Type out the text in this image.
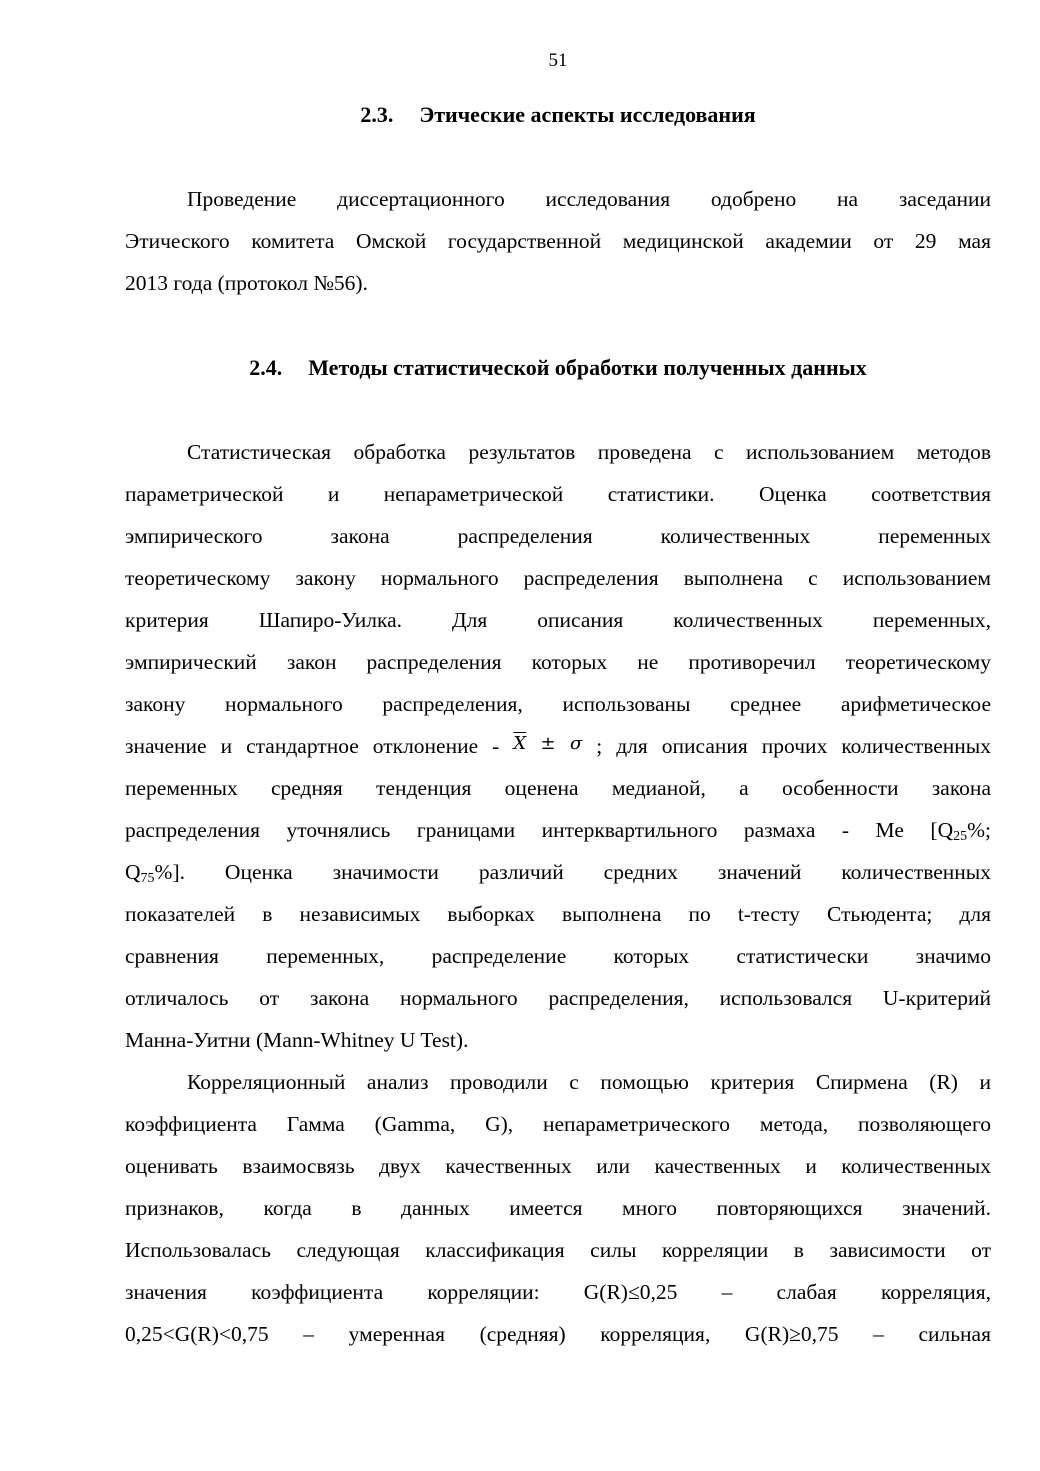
51
2.3. Этические аспекты исследования
Проведение диссертационного исследования одобрено на заседании
Этического комитета Омской государственной медицинской академии от 29 мая
2013 года (протокол №56).
2.4. Методы статистической обработки полученных данных
Статистическая обработка результатов проведена с использованием методов
параметрической и непараметрической статистики. Оценка соответствия
эмпирического закона распределения количественных переменных
теоретическому закону нормального распределения выполнена с использованием
критерия Шапиро-Уилка. Для описания количественных переменных,
эмпирический закон распределения которых не противоречил теоретическому
закону нормального распределения, использованы среднее арифметическое
значение и стандартное отклонение - $\overline{X} \pm \sigma$ ; для описания прочих количественных
переменных средняя тенденция оценена медианой, а особенности закона
распределения уточнялись границами интерквартильного размаха - Ме [$Q_{25}\%$;
$Q_{75}\%$]. Оценка значимости различий средних значений количественных
показателей в независимых выборках выполнена по t-тесту Стьюдента; для
сравнения переменных, распределение которых статистически значимо
отличалось от закона нормального распределения, использовался U-критерий
Манна-Уитни (Mann-Whitney U Test).
Корреляционный анализ проводили с помощью критерия Спирмена (R) и
коэффициента Гамма (Gamma, G), непараметрического метода, позволяющего
оценивать взаимосвязь двух качественных или качественных и количественных
признаков, когда в данных имеется много повторяющихся значений.
Использовалась следующая классификация силы корреляции в зависимости от
значения коэффициента корреляции: G(R)≤0,25 – слабая корреляция,
0,25<G(R)<0,75 – умеренная (средняя) корреляция, G(R)≥0,75 – сильная
